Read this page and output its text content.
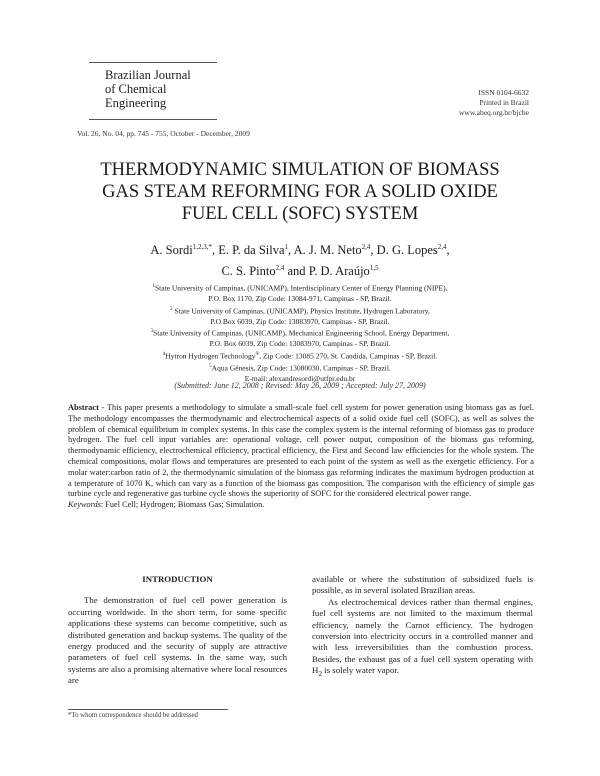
Brazilian Journal
of Chemical
Engineering
ISSN 0104-6632
Printed in Brazil
www.abeq.org.br/bjche
Vol. 26, No. 04, pp. 745 - 755, October - December, 2009
THERMODYNAMIC SIMULATION OF BIOMASS
GAS STEAM REFORMING FOR A SOLID OXIDE
FUEL CELL (SOFC) SYSTEM
A. Sordi$^{1,2,3,*}$, E. P. da Silva$^1$, A. J. M. Neto$^{2,4}$, D. G. Lopes$^{2,4}$,
C. S. Pinto$^{2,4}$ and P. D. Araújo$^{1,5}$
$^1$State University of Campinas, (UNICAMP), Interdisciplinary Center of Energy Planning (NIPE),
P.O. Box 1170, Zip Code: 13084-971, Campinas - SP, Brazil.
$^2$ State University of Campinas, (UNICAMP), Physics Institute, Hydrogen Laboratory,
P.O.Box 6039, Zip Code: 13083970, Campinas - SP, Brazil.
$^3$State University of Campinas, (UNICAMP), Mechanical Engineering School, Energy Department,
P.O. Box 6039, Zip Code: 13083970, Campinas - SP, Brazil.
$^4$Hytron Hydrogen Technology®, Zip Code: 13085 270, St. Candida, Campinas - SP, Brazil.
$^5$Aqua Gênesis, Zip Code: 13080030, Campinas - SP, Brazil.
E-mail: alexandresordi@utfpr.edu.br
(Submitted: June 12, 2008 ; Revised: May 26, 2009 ; Accepted: July 27, 2009)

Abstract - This paper presents a methodology to simulate a small-scale fuel cell system for power generation using biomass gas as fuel. The methodology encompasses the thermodynamic and electrochemical aspects of a solid oxide fuel cell (SOFC), as well as solves the problem of chemical equilibrium in complex systems. In this case the complex system is the internal reforming of biomass gas to produce hydrogen. The fuel cell input variables are: operational voltage, cell power output, composition of the biomass gas reforming, thermodynamic efficiency, electrochemical efficiency, practical efficiency, the First and Second law efficiencies for the whole system. The chemical compositions, molar flows and temperatures are presented to each point of the system as well as the exergetic efficiency. For a molar water:carbon ratio of 2, the thermodynamic simulation of the biomass gas reforming indicates the maximum hydrogen production at a temperature of 1070 K, which can vary as a function of the biomass gas composition. The comparison with the efficiency of simple gas turbine cycle and regenerative gas turbine cycle shows the superiority of SOFC for the considered electrical power range.

Keywords: Fuel Cell; Hydrogen; Biomass Gas; Simulation.

INTRODUCTION

The demonstration of fuel cell power generation is occurring worldwide. In the short term, for some specific applications these systems can become competitive, such as distributed generation and backup systems. The quality of the energy produced and the security of supply are attractive parameters of fuel cell systems. In the same way, such systems are also a promising alternative where local resources are

available or where the substitution of subsidized fuels is possible, as in several isolated Brazilian areas.

As electrochemical devices rather than thermal engines, fuel cell systems are not limited to the maximum thermal efficiency, namely the Carnot efficiency. The hydrogen conversion into electricity occurs in a controlled manner and with less irreversibilities than the combustion process. Besides, the exhaust gas of a fuel cell system operating with $H_2$ is solely water vapor.

*To whom correspondence should be addressed
